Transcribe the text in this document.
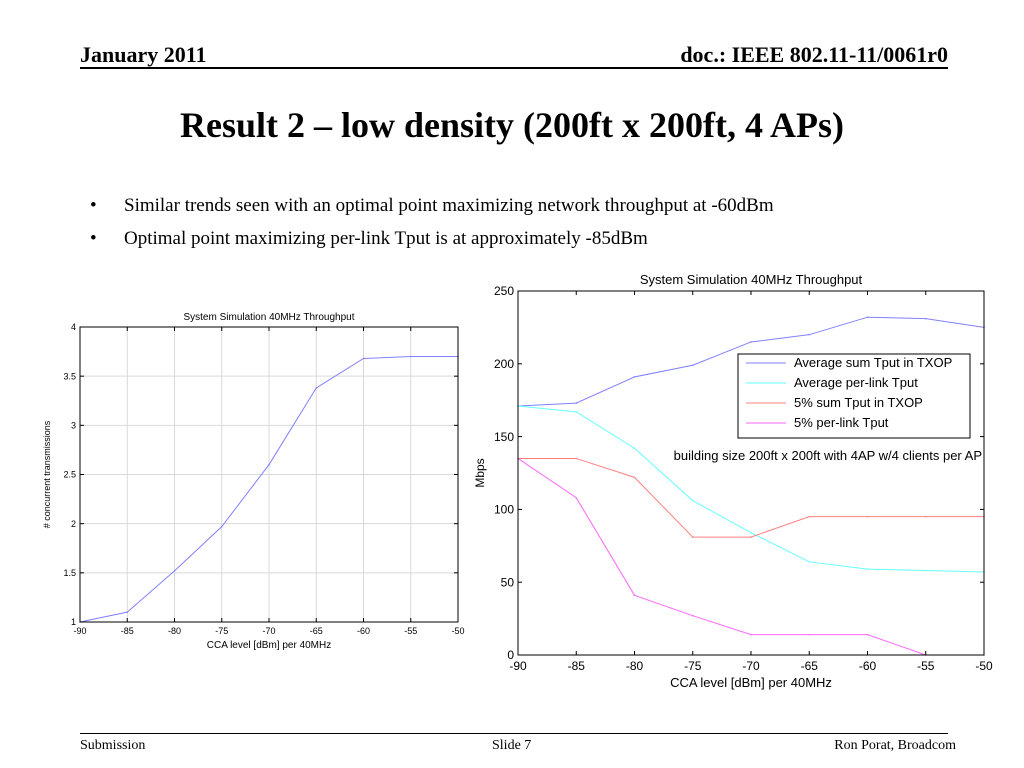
January 2011	doc.: IEEE 802.11-11/0061r0
Result 2 – low density (200ft x 200ft, 4 APs)
•	Similar trends seen with an optimal point maximizing network throughput at -60dBm
•	Optimal point maximizing per-link Tput is at approximately -85dBm
-90	-85	-80	-75	-70	-65	-60	-55	-50
1
1.5
2
2.5
3
3.5
4
System Simulation 40MHz Throughput
CCA level [dBm] per 40MHz
# concurrent transmissions
-90	-85	-80	-75	-70	-65	-60	-55	-50
0
50
100
150
200
250
System Simulation 40MHz Throughput
CCA level [dBm] per 40MHz
Mbps
Average sum Tput in TXOP
Average per-link Tput
5% sum Tput in TXOP
5% per-link Tput
building size 200ft x 200ft with 4AP w/4 clients per AP
Submission	Slide 7	Ron Porat, Broadcom
